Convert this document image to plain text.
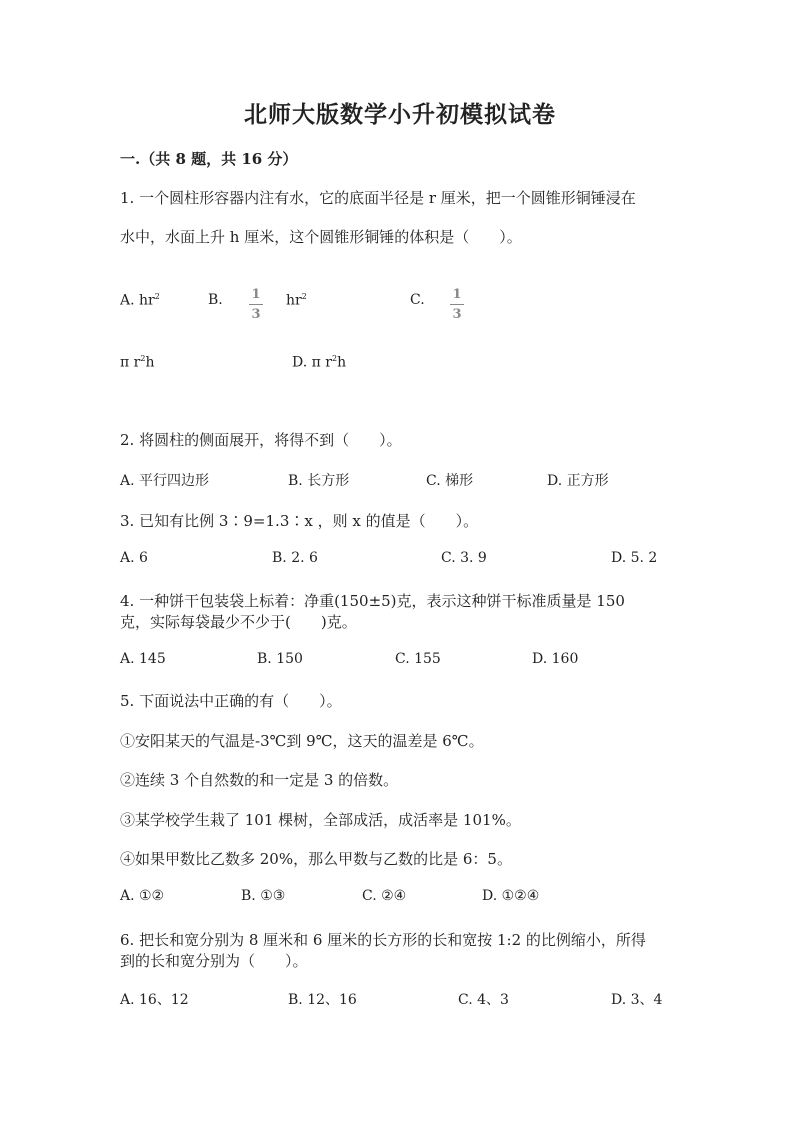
北师大版数学小升初模拟试卷
一.（共 8 题，共 16 分）
1. 一个圆柱形容器内注有水，它的底面半径是 r 厘米，把一个圆锥形铜锤浸在
水中，水面上升 h 厘米，这个圆锥形铜锤的体积是（　　）。
A. $hr^2$	B. 1
3
$hr^2$	C. 1
3
π $r^2h$	D. π $r^2h$
2. 将圆柱的侧面展开，将得不到（　　）。
A. 平行四边形	B. 长方形	C. 梯形	D. 正方形
3. 已知有比例 3∶9=1.3∶x ，则 x 的值是（　　）。
A. 6	B. 2. 6	C. 3. 9	D. 5. 2
4. 一种饼干包装袋上标着：净重(150±5)克，表示这种饼干标准质量是 150
克，实际每袋最少不少于(　　)克。
A. 145	B. 150	C. 155	D. 160
5. 下面说法中正确的有（　　）。
①安阳某天的气温是-3℃到 9℃，这天的温差是 6℃。
②连续 3 个自然数的和一定是 3 的倍数。
③某学校学生栽了 101 棵树，全部成活，成活率是 101%。
④如果甲数比乙数多 20%，那么甲数与乙数的比是 6：5。
A. ①②	B. ①③	C. ②④	D. ①②④
6. 把长和宽分别为 8 厘米和 6 厘米的长方形的长和宽按 1:2 的比例缩小，所得
到的长和宽分别为（　　）。
A. 16、12	B. 12、16	C. 4、3	D. 3、4
